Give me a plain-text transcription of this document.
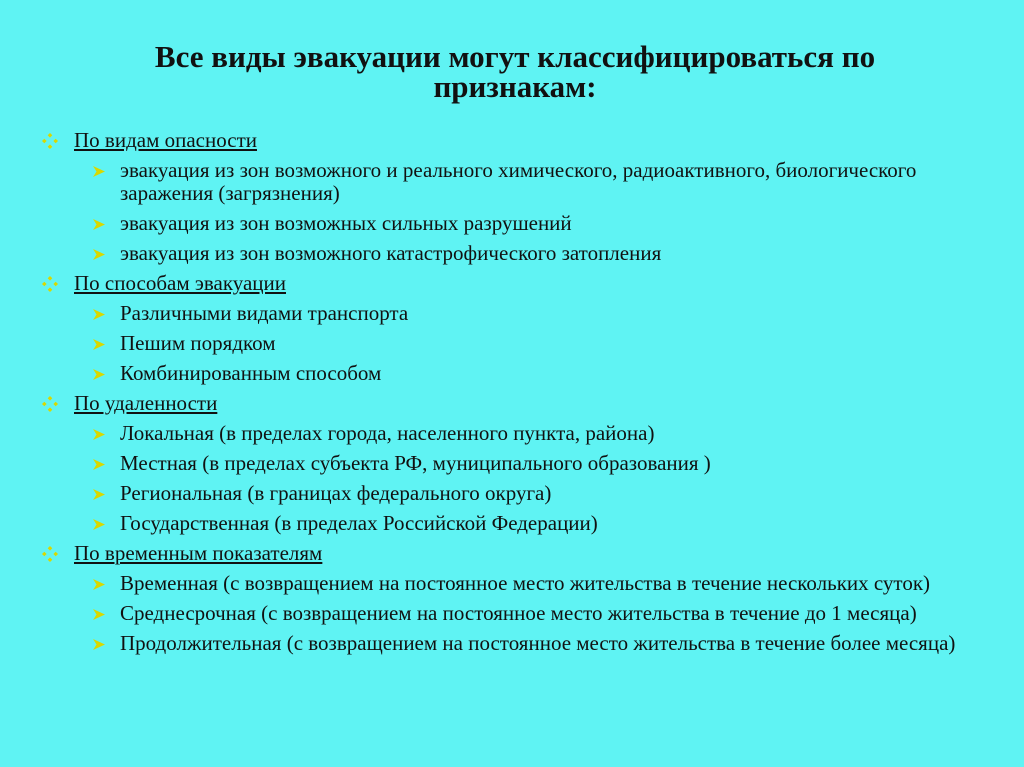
Все виды эвакуации могут классифицироваться по признакам:
По видам опасности
эвакуация из зон возможного и реального химического, радиоактивного, биологического заражения (загрязнения)
эвакуация из зон возможных сильных разрушений
эвакуация из зон возможного катастрофического затопления
По способам эвакуации
Различными видами транспорта
Пешим порядком
Комбинированным способом
По удаленности
Локальная (в пределах города, населенного пункта, района)
Местная (в пределах субъекта РФ, муниципального образования )
Региональная (в границах федерального округа)
Государственная (в пределах Российской Федерации)
По временным показателям
Временная (с возвращением на постоянное место жительства в течение нескольких суток)
Среднесрочная (с возвращением на постоянное место жительства в течение до 1 месяца)
Продолжительная (с возвращением на постоянное место жительства в течение более месяца)
